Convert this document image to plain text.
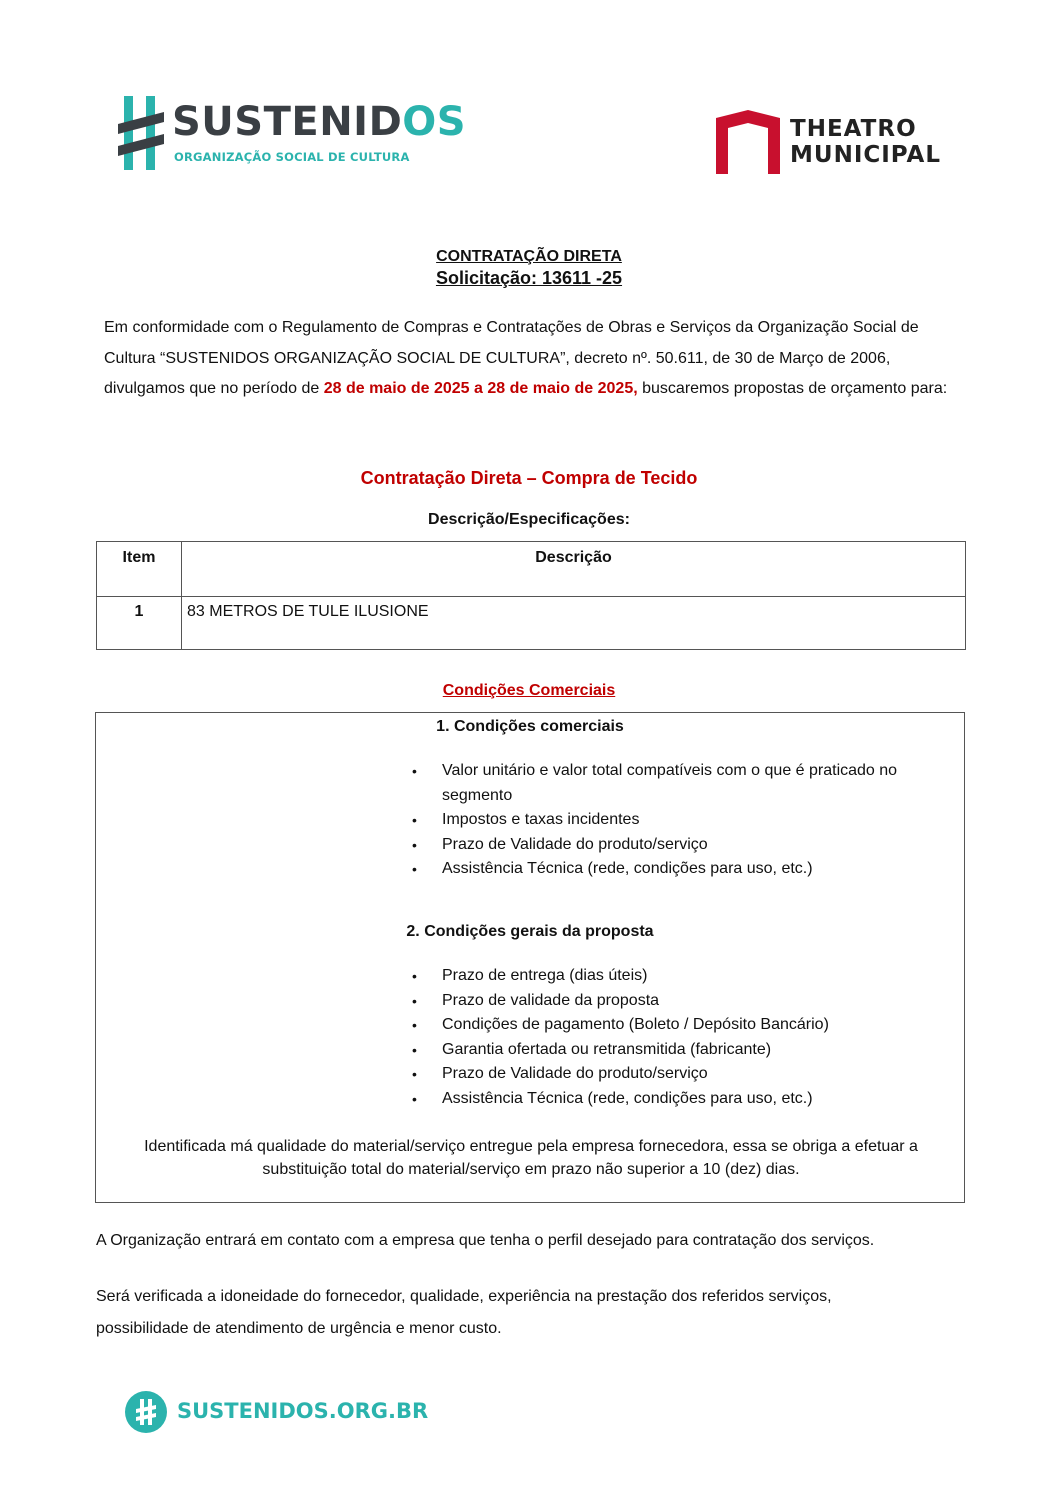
SUSTENIDOS
ORGANIZAÇÃO SOCIAL DE CULTURA
THEATRO
MUNICIPAL
CONTRATAÇÃO DIRETA
Solicitação: 13611 -25
Em conformidade com o Regulamento de Compras e Contratações de Obras e Serviços da Organização Social de Cultura “SUSTENIDOS ORGANIZAÇÃO SOCIAL DE CULTURA”, decreto nº. 50.611, de 30 de Março de 2006, divulgamos que no período de 28 de maio de 2025 a 28 de maio de 2025, buscaremos propostas de orçamento para:
Contratação Direta – Compra de Tecido
Descrição/Especificações:
Item	Descrição
1	83 METROS DE TULE ILUSIONE
Condições Comerciais
1. Condições comerciais
• Valor unitário e valor total compatíveis com o que é praticado no segmento
• Impostos e taxas incidentes
• Prazo de Validade do produto/serviço
• Assistência Técnica (rede, condições para uso, etc.)
2. Condições gerais da proposta
• Prazo de entrega (dias úteis)
• Prazo de validade da proposta
• Condições de pagamento (Boleto / Depósito Bancário)
• Garantia ofertada ou retransmitida (fabricante)
• Prazo de Validade do produto/serviço
• Assistência Técnica (rede, condições para uso, etc.)
Identificada má qualidade do material/serviço entregue pela empresa fornecedora, essa se obriga a efetuar a substituição total do material/serviço em prazo não superior a 10 (dez) dias.
A Organização entrará em contato com a empresa que tenha o perfil desejado para contratação dos serviços.
Será verificada a idoneidade do fornecedor, qualidade, experiência na prestação dos referidos serviços, possibilidade de atendimento de urgência e menor custo.
SUSTENIDOS.ORG.BR
